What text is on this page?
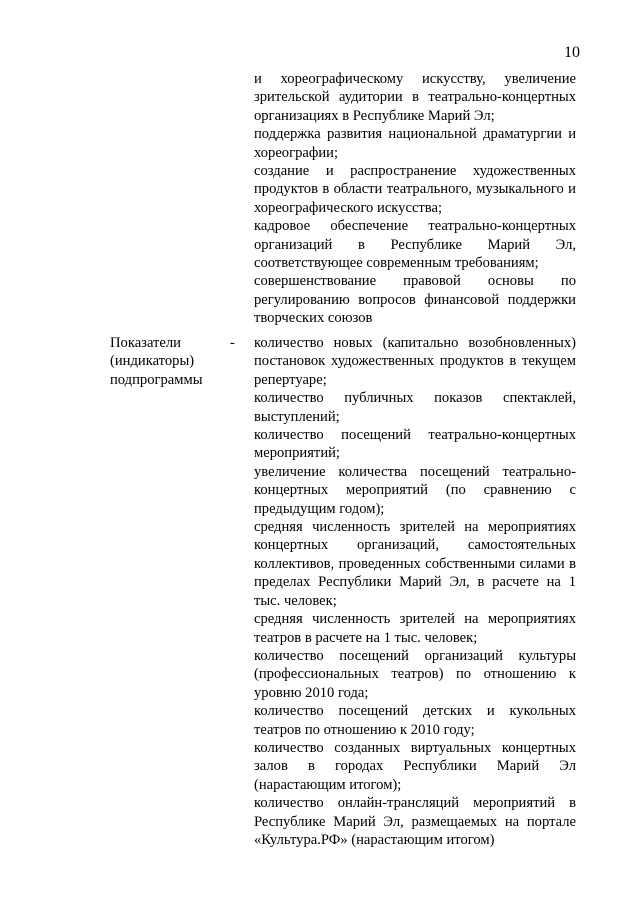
10

и хореографическому искусству, увеличение зрительской аудитории в театрально-концертных организациях в Республике Марий Эл;

поддержка развития национальной драматургии и хореографии;

создание и распространение художественных продуктов в области театрального, музыкального и хореографического искусства;

кадровое обеспечение театрально-концертных организаций в Республике Марий Эл, соответствующее современным требованиям;

совершенствование правовой основы по регулированию вопросов финансовой поддержки творческих союзов

Показатели (индикаторы) подпрограммы
- количество новых (капитально возобновленных) постановок художественных продуктов в текущем репертуаре;

количество публичных показов спектаклей, выступлений;

количество посещений театрально-концертных мероприятий;

увеличение количества посещений театрально-концертных мероприятий (по сравнению с предыдущим годом);

средняя численность зрителей на мероприятиях концертных организаций, самостоятельных коллективов, проведенных собственными силами в пределах Республики Марий Эл, в расчете на 1 тыс. человек;

средняя численность зрителей на мероприятиях театров в расчете на 1 тыс. человек;

количество посещений организаций культуры (профессиональных театров) по отношению к уровню 2010 года;

количество посещений детских и кукольных театров по отношению к 2010 году;

количество созданных виртуальных концертных залов в городах Республики Марий Эл (нарастающим итогом);

количество онлайн-трансляций мероприятий в Республике Марий Эл, размещаемых на портале «Культура.РФ» (нарастающим итогом)
